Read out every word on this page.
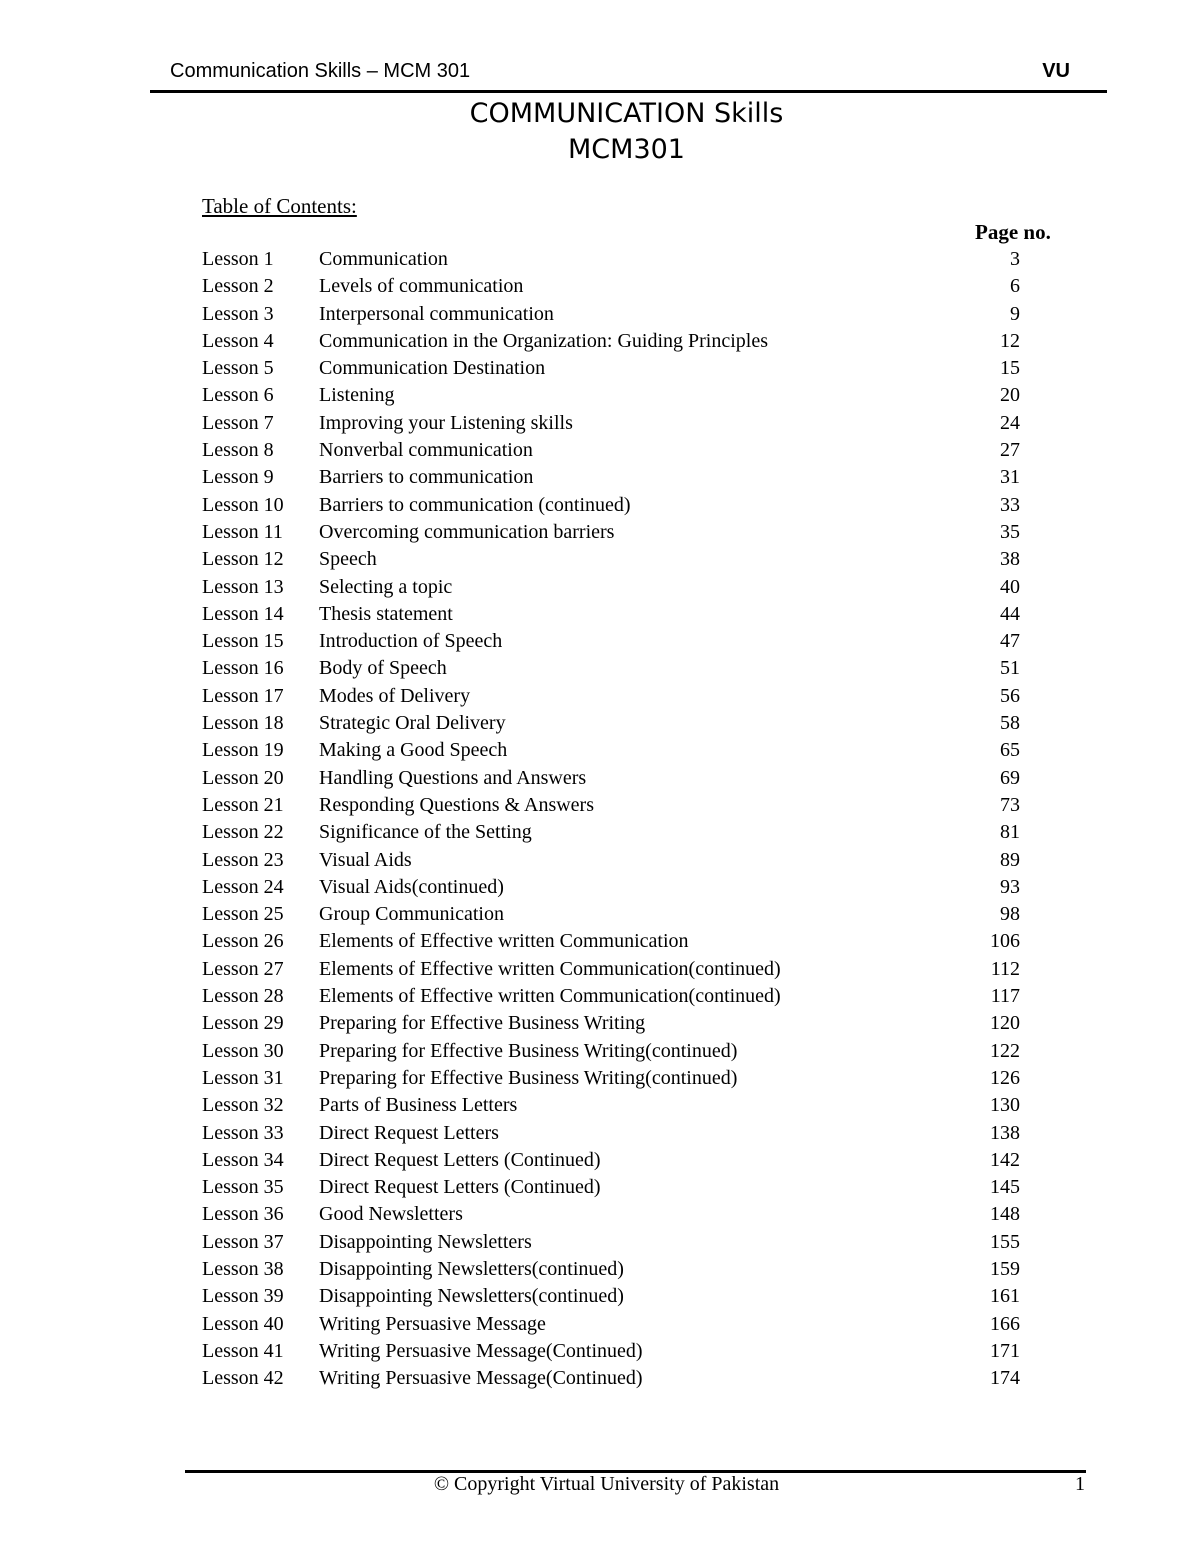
Communication Skills – MCM 301	VU
COMMUNICATION Skills
MCM301
Table of Contents:
Page no.
Lesson 1 Communication	3
Lesson 2 Levels of communication	6
Lesson 3 Interpersonal communication	9
Lesson 4 Communication in the Organization: Guiding Principles	12
Lesson 5 Communication Destination	15
Lesson 6 Listening	20
Lesson 7 Improving your Listening skills	24
Lesson 8 Nonverbal communication	27
Lesson 9 Barriers to communication	31
Lesson 10 Barriers to communication (continued)	33
Lesson 11 Overcoming communication barriers	35
Lesson 12 Speech	38
Lesson 13 Selecting a topic	40
Lesson 14 Thesis statement	44
Lesson 15 Introduction of Speech	47
Lesson 16 Body of Speech	51
Lesson 17 Modes of Delivery	56
Lesson 18 Strategic Oral Delivery	58
Lesson 19 Making a Good Speech	65
Lesson 20 Handling Questions and Answers	69
Lesson 21 Responding Questions & Answers	73
Lesson 22 Significance of the Setting	81
Lesson 23 Visual Aids	89
Lesson 24 Visual Aids(continued)	93
Lesson 25 Group Communication	98
Lesson 26 Elements of Effective written Communication	106
Lesson 27 Elements of Effective written Communication(continued)	112
Lesson 28 Elements of Effective written Communication(continued)	117
Lesson 29 Preparing for Effective Business Writing	120
Lesson 30 Preparing for Effective Business Writing(continued)	122
Lesson 31 Preparing for Effective Business Writing(continued)	126
Lesson 32 Parts of Business Letters	130
Lesson 33 Direct Request Letters	138
Lesson 34 Direct Request Letters (Continued)	142
Lesson 35 Direct Request Letters (Continued)	145
Lesson 36 Good Newsletters	148
Lesson 37 Disappointing Newsletters	155
Lesson 38 Disappointing Newsletters(continued)	159
Lesson 39 Disappointing Newsletters(continued)	161
Lesson 40 Writing Persuasive Message	166
Lesson 41 Writing Persuasive Message(Continued)	171
Lesson 42 Writing Persuasive Message(Continued)	174
© Copyright Virtual University of Pakistan	1
